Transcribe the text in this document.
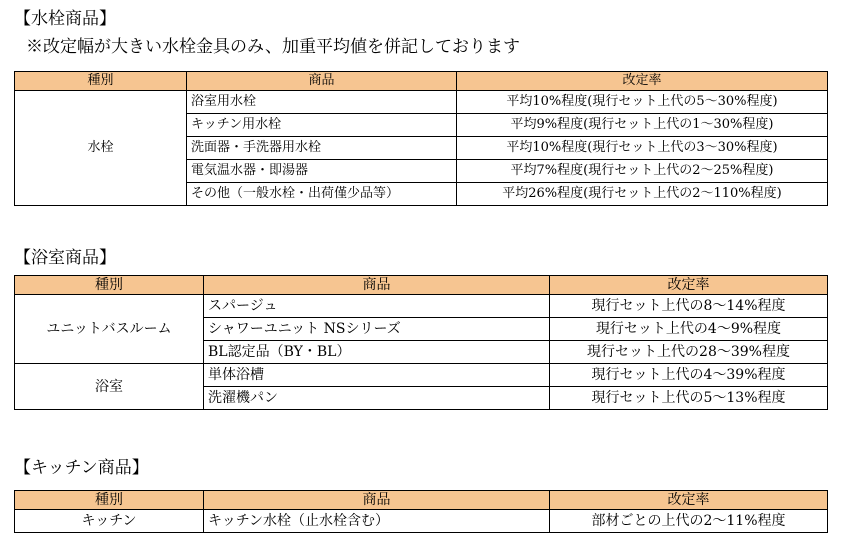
【水栓商品】
※改定幅が大きい水栓金具のみ、加重平均値を併記しております
種別	商品	改定率
水栓	浴室用水栓	平均10%程度(現行セット上代の5～30%程度)
	キッチン用水栓	平均9%程度(現行セット上代の1～30%程度)
	洗面器・手洗器用水栓	平均10%程度(現行セット上代の3～30%程度)
	電気温水器・即湯器	平均7%程度(現行セット上代の2～25%程度)
	その他（一般水栓・出荷僅少品等）	平均26%程度(現行セット上代の2～110%程度)
【浴室商品】
種別	商品	改定率
ユニットバスルーム	スパージュ	現行セット上代の8～14%程度
	シャワーユニット NSシリーズ	現行セット上代の4～9%程度
	BL認定品（BY・BL）	現行セット上代の28～39%程度
浴室	単体浴槽	現行セット上代の4～39%程度
	洗濯機パン	現行セット上代の5～13%程度
【キッチン商品】
種別	商品	改定率
キッチン	キッチン水栓（止水栓含む）	部材ごとの上代の2～11%程度
